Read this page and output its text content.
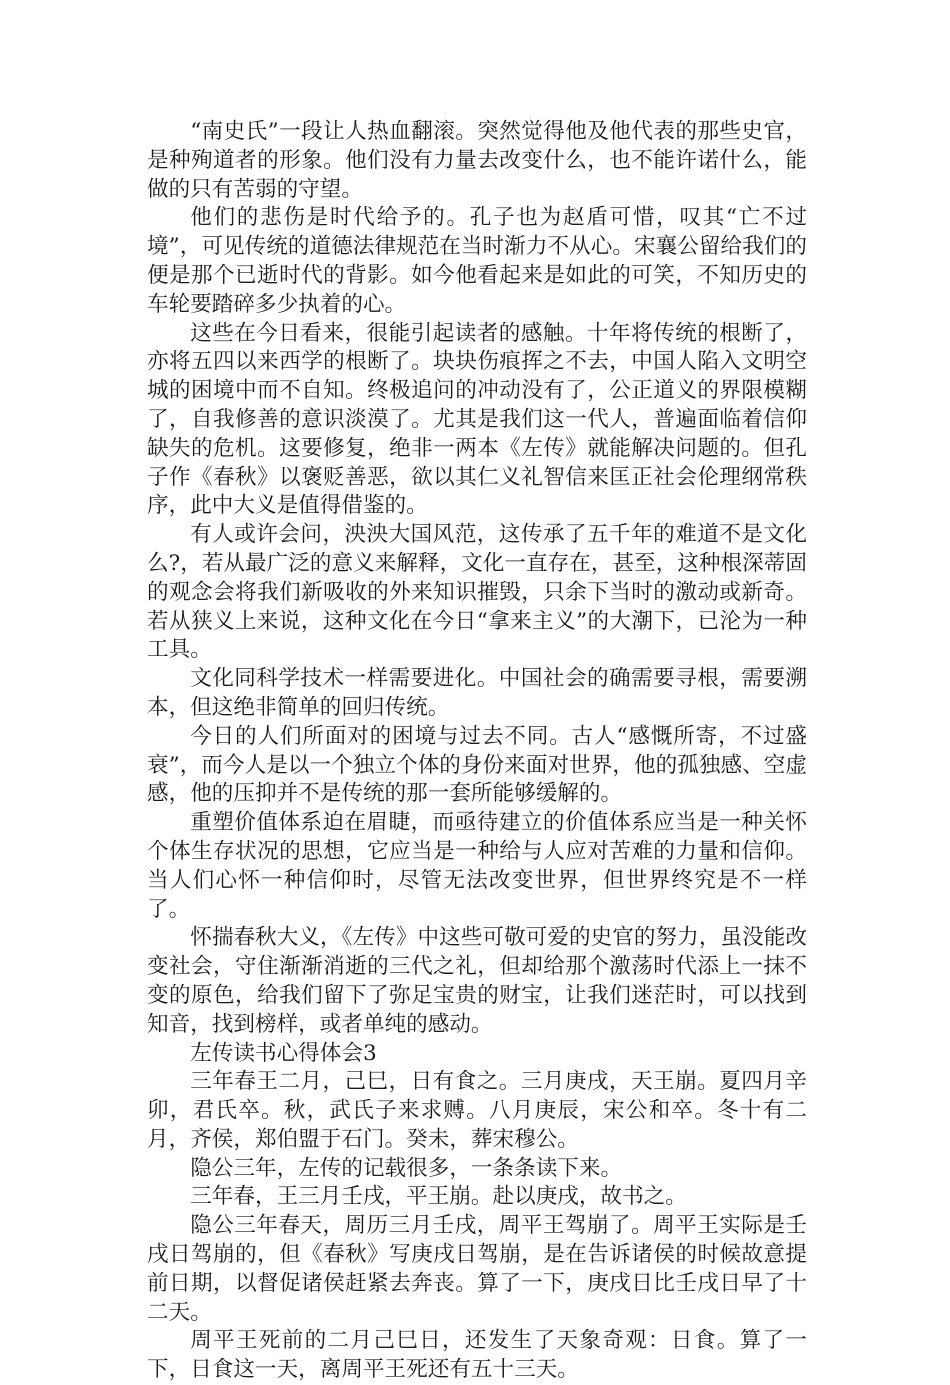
“南史氏”一段让人热血翻滚。突然觉得他及他代表的那些史官，是种殉道者的形象。他们没有力量去改变什么，也不能许诺什么，能做的只有苦弱的守望。

他们的悲伤是时代给予的。孔子也为赵盾可惜，叹其“亡不过境”，可见传统的道德法律规范在当时渐力不从心。宋襄公留给我们的便是那个已逝时代的背影。如今他看起来是如此的可笑，不知历史的车轮要踏碎多少执着的心。

这些在今日看来，很能引起读者的感触。十年将传统的根断了，亦将五四以来西学的根断了。块块伤痕挥之不去，中国人陷入文明空城的困境中而不自知。终极追问的冲动没有了，公正道义的界限模糊了，自我修善的意识淡漠了。尤其是我们这一代人，普遍面临着信仰缺失的危机。这要修复，绝非一两本《左传》就能解决问题的。但孔子作《春秋》以褒贬善恶，欲以其仁义礼智信来匡正社会伦理纲常秩序，此中大义是值得借鉴的。

有人或许会问，泱泱大国风范，这传承了五千年的难道不是文化么?，若从最广泛的意义来解释，文化一直存在，甚至，这种根深蒂固的观念会将我们新吸收的外来知识摧毁，只余下当时的激动或新奇。若从狭义上来说，这种文化在今日“拿来主义”的大潮下，已沦为一种工具。

文化同科学技术一样需要进化。中国社会的确需要寻根，需要溯本，但这绝非简单的回归传统。

今日的人们所面对的困境与过去不同。古人“感慨所寄，不过盛衰”，而今人是以一个独立个体的身份来面对世界，他的孤独感、空虚感，他的压抑并不是传统的那一套所能够缓解的。

重塑价值体系迫在眉睫，而亟待建立的价值体系应当是一种关怀个体生存状况的思想，它应当是一种给与人应对苦难的力量和信仰。当人们心怀一种信仰时，尽管无法改变世界，但世界终究是不一样了。

怀揣春秋大义，《左传》中这些可敬可爱的史官的努力，虽没能改变社会，守住渐渐消逝的三代之礼，但却给那个激荡时代添上一抹不变的原色，给我们留下了弥足宝贵的财宝，让我们迷茫时，可以找到知音，找到榜样，或者单纯的感动。

左传读书心得体会3

三年春王二月，己巳，日有食之。三月庚戌，天王崩。夏四月辛卯，君氏卒。秋，武氏子来求赙。八月庚辰，宋公和卒。冬十有二月，齐侯，郑伯盟于石门。癸未，葬宋穆公。

隐公三年，左传的记载很多，一条条读下来。

三年春，王三月壬戌，平王崩。赴以庚戌，故书之。

隐公三年春天，周历三月壬戌，周平王驾崩了。周平王实际是壬戌日驾崩的，但《春秋》写庚戌日驾崩，是在告诉诸侯的时候故意提前日期，以督促诸侯赶紧去奔丧。算了一下，庚戌日比壬戌日早了十二天。

周平王死前的二月己巳日，还发生了天象奇观：日食。算了一下，日食这一天，离周平王死还有五十三天。
